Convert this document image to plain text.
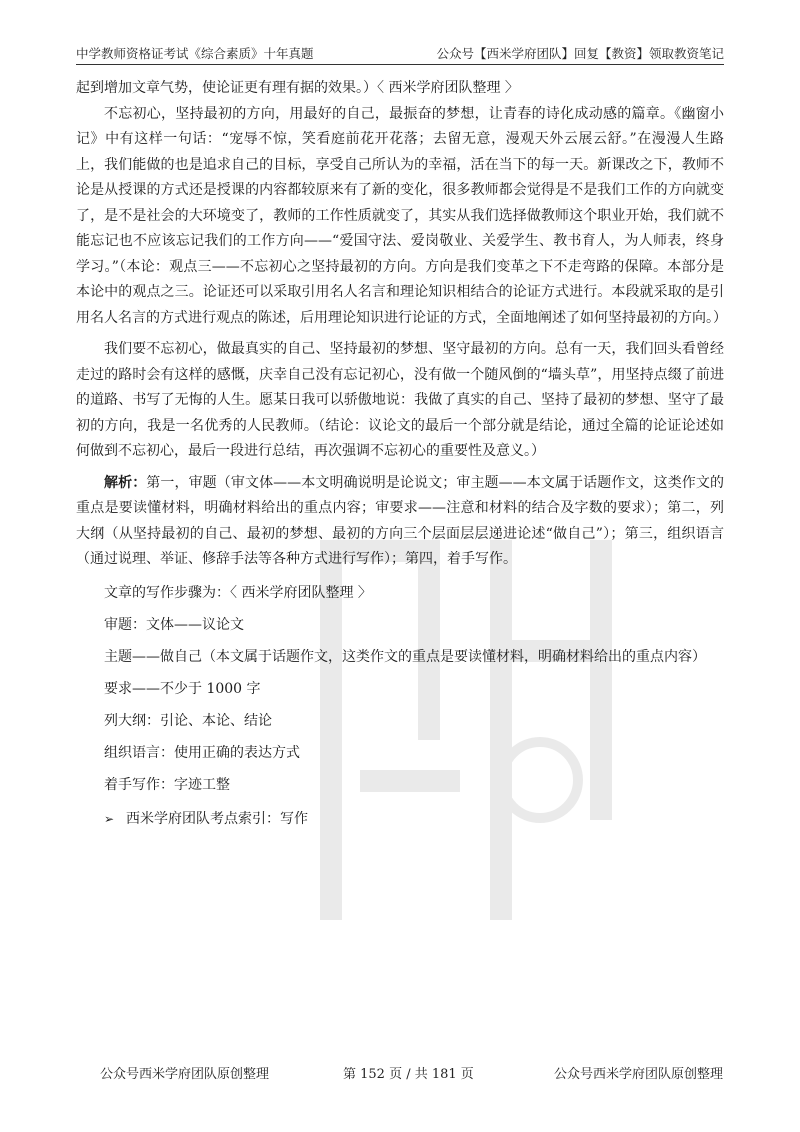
中学教师资格证考试《综合素质》十年真题	公众号【西米学府团队】回复【教资】领取教资笔记

起到增加文章气势，使论证更有理有据的效果。）〈 西米学府团队整理 〉

不忘初心，坚持最初的方向，用最好的自己，最振奋的梦想，让青春的诗化成动感的篇章。《幽窗小记》中有这样一句话：“宠辱不惊，笑看庭前花开花落；去留无意，漫观天外云展云舒。”在漫漫人生路上，我们能做的也是追求自己的目标，享受自己所认为的幸福，活在当下的每一天。新课改之下，教师不论是从授课的方式还是授课的内容都较原来有了新的变化，很多教师都会觉得是不是我们工作的方向就变了，是不是社会的大环境变了，教师的工作性质就变了，其实从我们选择做教师这个职业开始，我们就不能忘记也不应该忘记我们的工作方向——“爱国守法、爱岗敬业、关爱学生、教书育人，为人师表，终身学习。”（本论：观点三——不忘初心之坚持最初的方向。方向是我们变革之下不走弯路的保障。本部分是本论中的观点之三。论证还可以采取引用名人名言和理论知识相结合的论证方式进行。本段就采取的是引用名人名言的方式进行观点的陈述，后用理论知识进行论证的方式，全面地阐述了如何坚持最初的方向。）

我们要不忘初心，做最真实的自己、坚持最初的梦想、坚守最初的方向。总有一天，我们回头看曾经走过的路时会有这样的感慨，庆幸自己没有忘记初心，没有做一个随风倒的“墙头草”，用坚持点缀了前进的道路、书写了无悔的人生。愿某日我可以骄傲地说：我做了真实的自己、坚持了最初的梦想、坚守了最初的方向，我是一名优秀的人民教师。（结论：议论文的最后一个部分就是结论，通过全篇的论证论述如何做到不忘初心，最后一段进行总结，再次强调不忘初心的重要性及意义。）

解析：第一，审题（审文体——本文明确说明是论说文；审主题——本文属于话题作文，这类作文的重点是要读懂材料，明确材料给出的重点内容；审要求——注意和材料的结合及字数的要求）；第二，列大纲（从坚持最初的自己、最初的梦想、最初的方向三个层面层层递进论述“做自己”）；第三，组织语言（通过说理、举证、修辞手法等各种方式进行写作）；第四，着手写作。

文章的写作步骤为：〈 西米学府团队整理 〉

审题：文体——议论文

主题——做自己（本文属于话题作文，这类作文的重点是要读懂材料，明确材料给出的重点内容）

要求——不少于 1000 字

列大纲：引论、本论、结论

组织语言：使用正确的表达方式

着手写作：字迹工整

➢ 西米学府团队考点索引：写作
公众号西米学府团队原创整理	第 152 页 / 共 181 页	公众号西米学府团队原创整理
